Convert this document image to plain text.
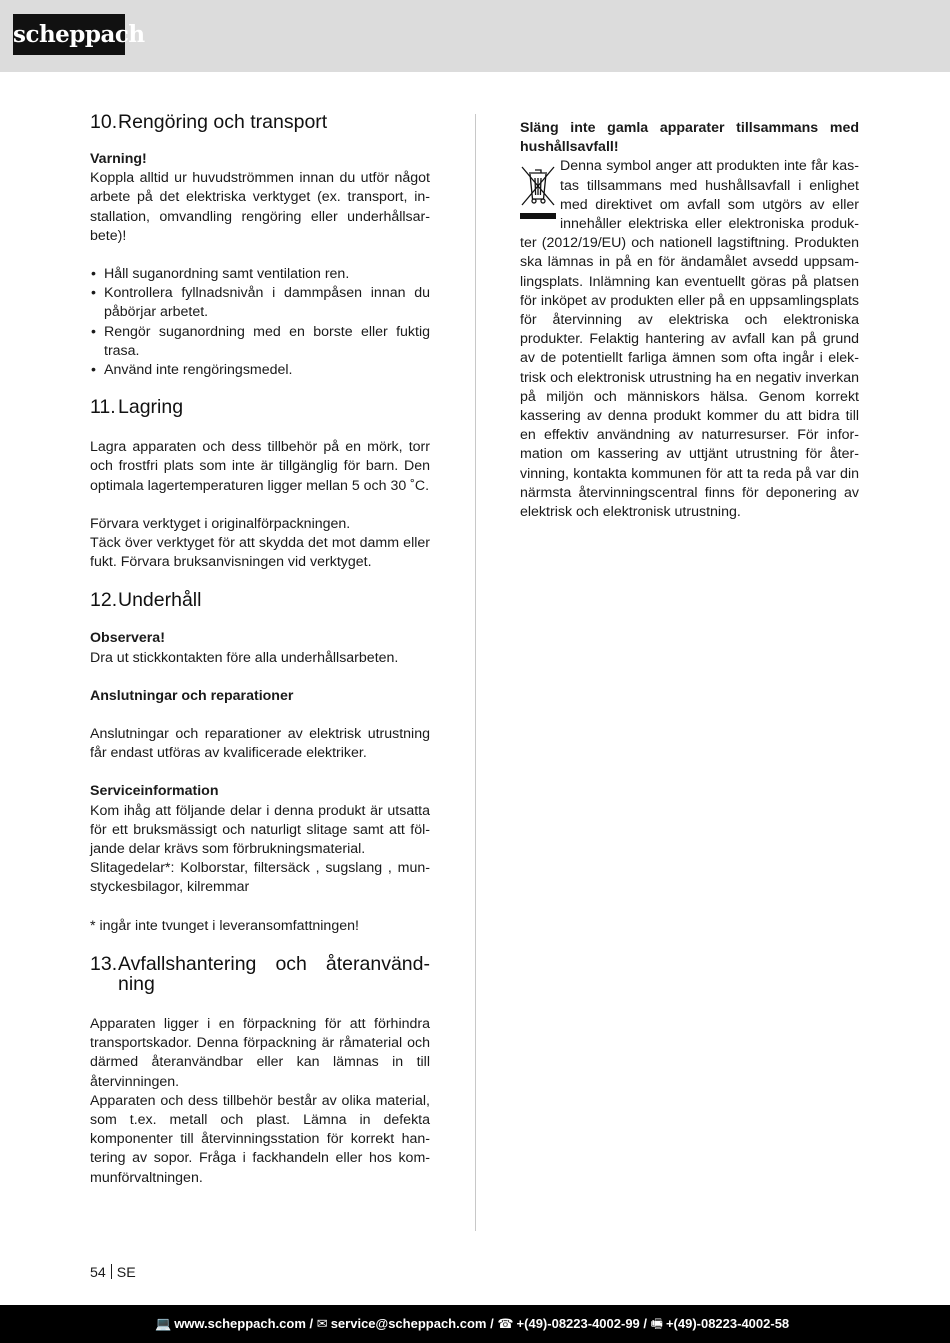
scheppach
10. Rengöring och transport
Varning!
Koppla alltid ur huvudströmmen innan du utför något arbete på det elektriska verktyget (ex. transport, installation, omvandling rengöring eller underhållsarbete)!
• Håll suganordning samt ventilation ren.
• Kontrollera fyllnadsnivån i dammpåsen innan du påbörjar arbetet.
• Rengör suganordning med en borste eller fuktig trasa.
• Använd inte rengöringsmedel.
11. Lagring
Lagra apparaten och dess tillbehör på en mörk, torr och frostfri plats som inte är tillgänglig för barn. Den optimala lagertemperaturen ligger mellan 5 och 30 ˚C.
Förvara verktyget i originalförpackningen.
Täck över verktyget för att skydda det mot damm eller fukt. Förvara bruksanvisningen vid verktyget.
12. Underhåll
Observera!
Dra ut stickkontakten före alla underhållsarbeten.
Anslutningar och reparationer
Anslutningar och reparationer av elektrisk utrustning får endast utföras av kvalificerade elektriker.
Serviceinformation
Kom ihåg att följande delar i denna produkt är utsatta för ett bruksmässigt och naturligt slitage samt att följande delar krävs som förbrukningsmaterial.
Slitagedelar*: Kolborstar, filtersäck , sugslang , munstyckesbilagor, kilremmar
* ingår inte tvunget i leveransomfattningen!
13. Avfallshantering och återanvändning
Apparaten ligger i en förpackning för att förhindra transportskador. Denna förpackning är råmaterial och därmed återanvändbar eller kan lämnas in till återvinningen.
Apparaten och dess tillbehör består av olika material, som t.ex. metall och plast. Lämna in defekta komponenter till återvinningsstation för korrekt hantering av sopor. Fråga i fackhandeln eller hos kommunförvaltningen.
Släng inte gamla apparater tillsammans med hushållsavfall!
Denna symbol anger att produkten inte får kastas tillsammans med hushållsavfall i enlighet med direktivet om avfall som utgörs av eller innehåller elektriska eller elektroniska produkter (2012/19/EU) och nationell lagstiftning. Produkten ska lämnas in på en för ändamålet avsedd uppsamlingsplats. Inlämning kan eventuellt göras på platsen för inköpet av produkten eller på en uppsamlingsplats för återvinning av elektriska och elektroniska produkter. Felaktig hantering av avfall kan på grund av de potentiellt farliga ämnen som ofta ingår i elektrisk och elektronisk utrustning ha en negativ inverkan på miljön och människors hälsa. Genom korrekt kassering av denna produkt kommer du att bidra till en effektiv användning av naturresurser. För information om kassering av uttjänt utrustning för återvinning, kontakta kommunen för att ta reda på var din närmsta återvinningscentral finns för deponering av elektrisk och elektronisk utrustning.
54 SE
💻 www.scheppach.com / ✉ service@scheppach.com / ☎ +(49)-08223-4002-99 / 🖷 +(49)-08223-4002-58
